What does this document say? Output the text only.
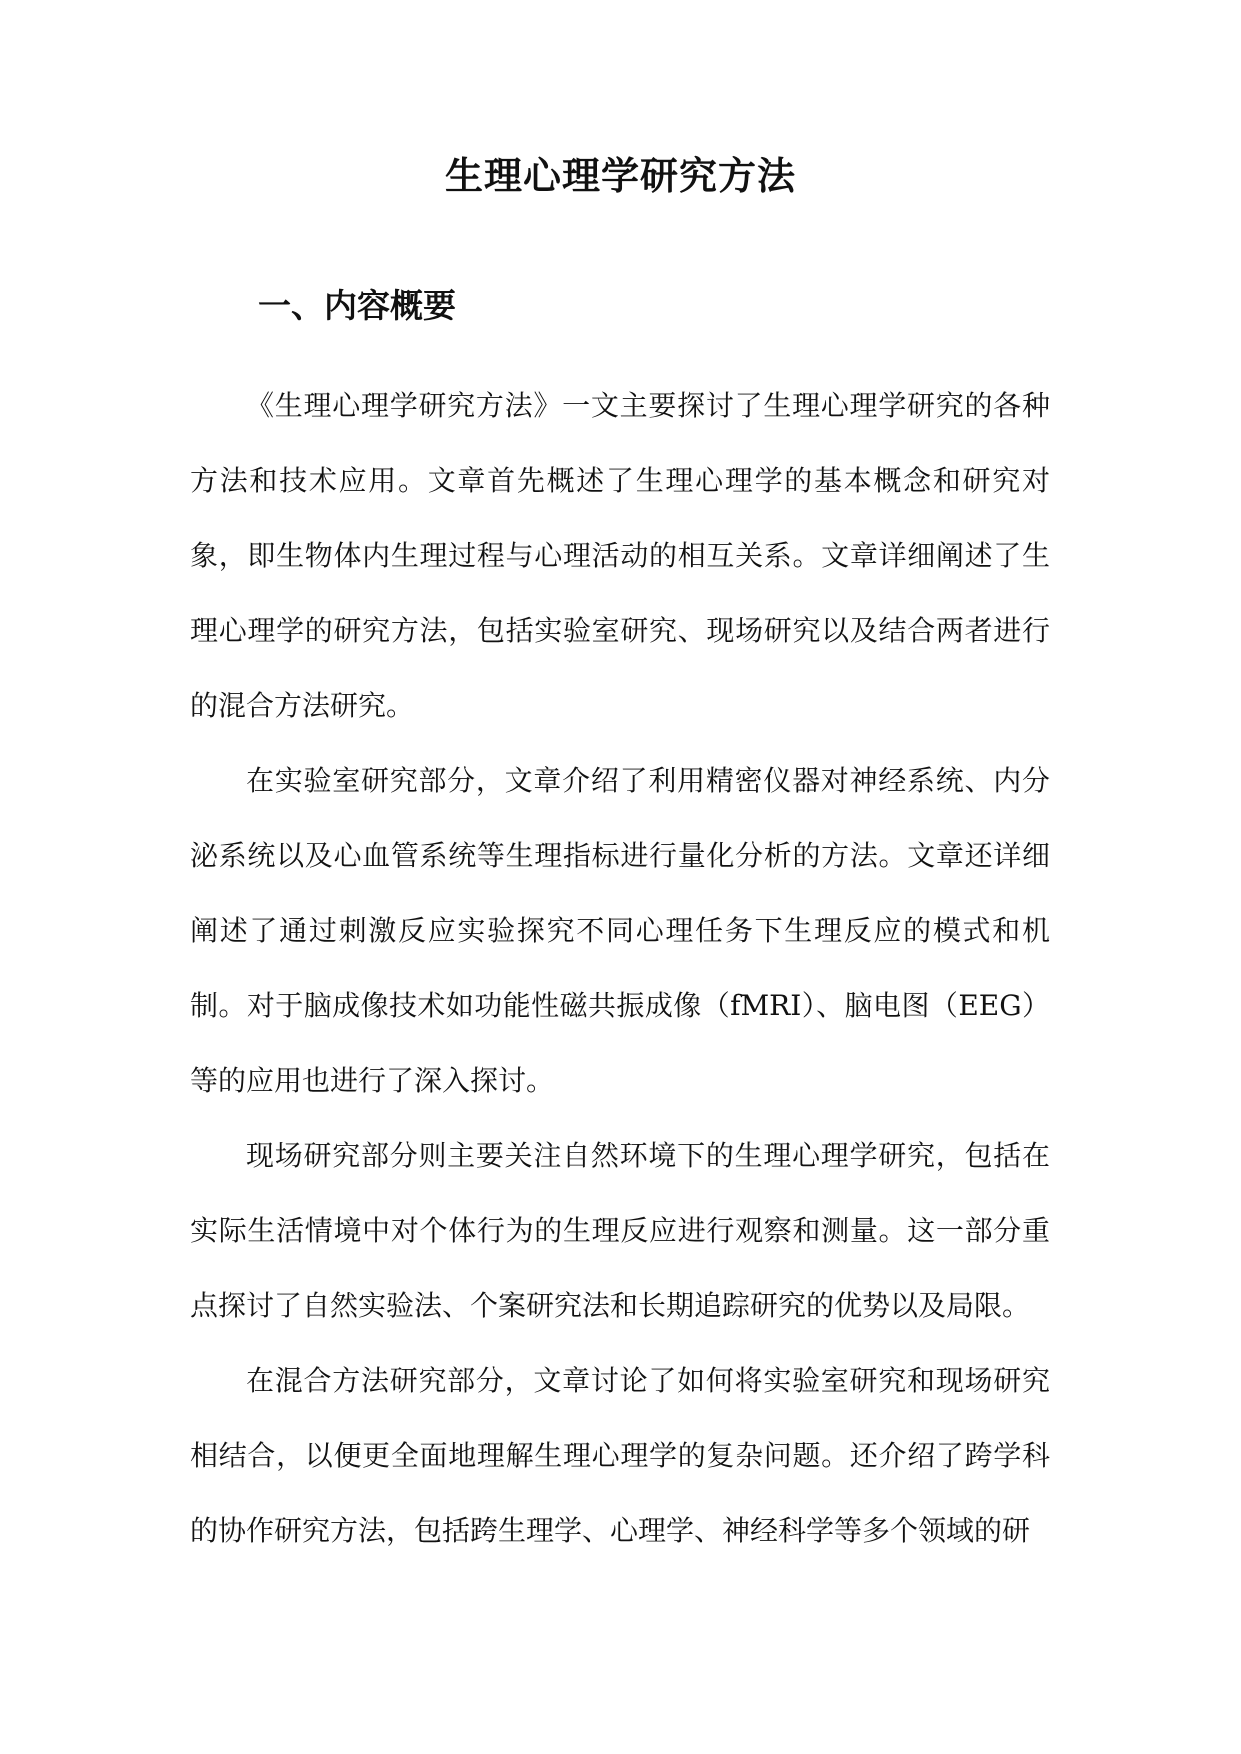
生理心理学研究方法
一、内容概要

《生理心理学研究方法》一文主要探讨了生理心理学研究的各种方法和技术应用。文章首先概述了生理心理学的基本概念和研究对象，即生物体内生理过程与心理活动的相互关系。文章详细阐述了生理心理学的研究方法，包括实验室研究、现场研究以及结合两者进行的混合方法研究。

在实验室研究部分，文章介绍了利用精密仪器对神经系统、内分泌系统以及心血管系统等生理指标进行量化分析的方法。文章还详细阐述了通过刺激反应实验探究不同心理任务下生理反应的模式和机制。对于脑成像技术如功能性磁共振成像（fMRI）、脑电图（EEG）等的应用也进行了深入探讨。

现场研究部分则主要关注自然环境下的生理心理学研究，包括在实际生活情境中对个体行为的生理反应进行观察和测量。这一部分重点探讨了自然实验法、个案研究法和长期追踪研究的优势以及局限。

在混合方法研究部分，文章讨论了如何将实验室研究和现场研究相结合，以便更全面地理解生理心理学的复杂问题。还介绍了跨学科的协作研究方法，包括跨生理学、心理学、神经科学等多个领域的研
